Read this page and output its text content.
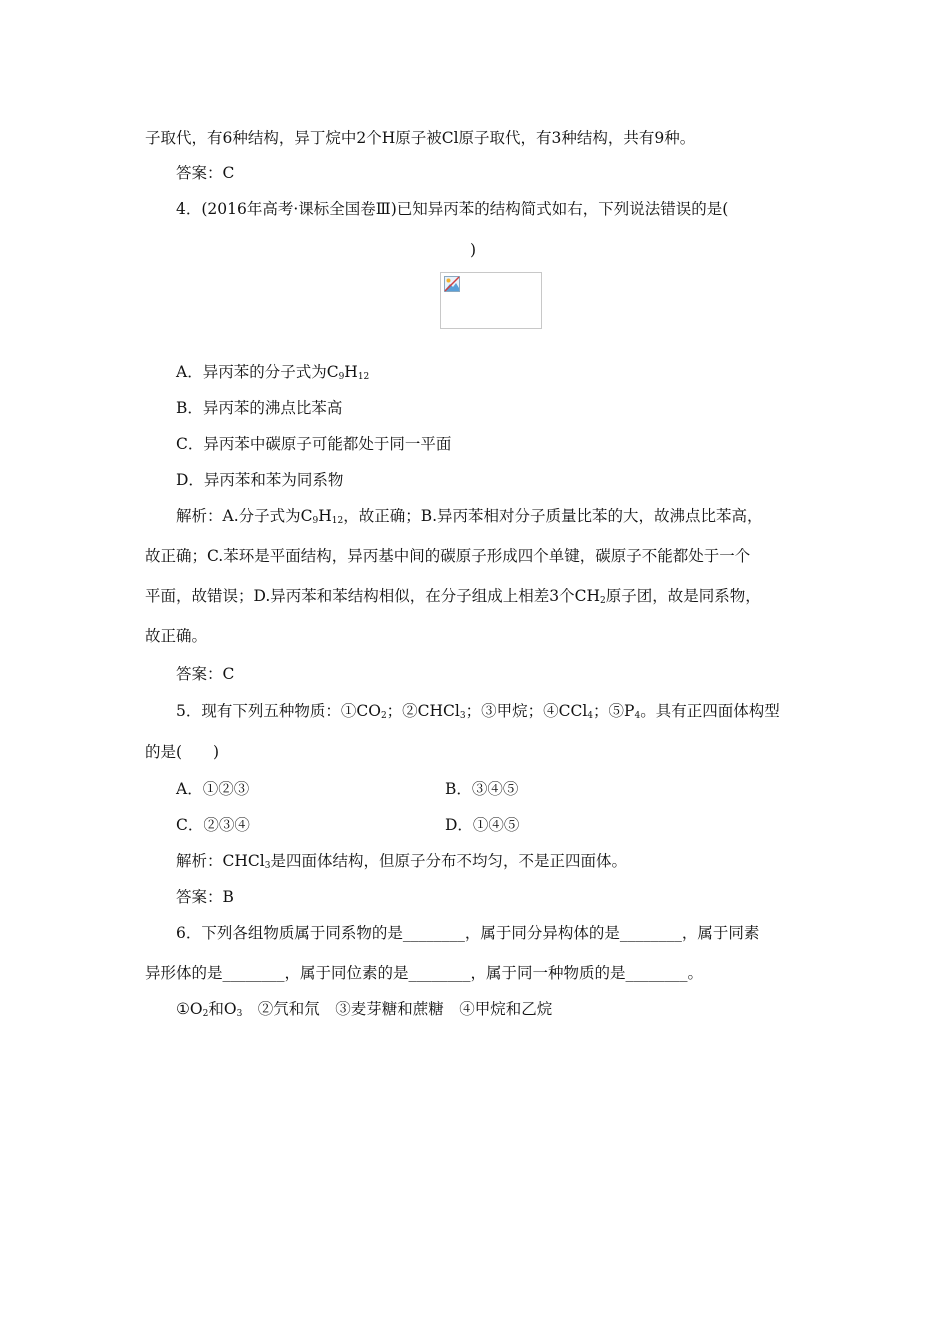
子取代，有6种结构，异丁烷中2个H原子被Cl原子取代，有3种结构，共有9种。
答案：C
4．(2016年高考·课标全国卷Ⅲ)已知异丙苯的结构简式如右，下列说法错误的是(
)
A．异丙苯的分子式为$C_9H_{12}$
B．异丙苯的沸点比苯高
C．异丙苯中碳原子可能都处于同一平面
D．异丙苯和苯为同系物
解析：A.分子式为$C_9H_{12}$，故正确；B.异丙苯相对分子质量比苯的大，故沸点比苯高，
故正确；C.苯环是平面结构，异丙基中间的碳原子形成四个单键，碳原子不能都处于一个
平面，故错误；D.异丙苯和苯结构相似，在分子组成上相差3个$CH_2$原子团，故是同系物，
故正确。
答案：C
5．现有下列五种物质：$①CO_2$；②CHCl$_3$；③甲烷；④CCl$_4$；$⑤P_4$。具有正四面体构型
的是(　　)
A．①②③	B．③④⑤
C．②③④	D．①④⑤
解析：CHCl$_3$是四面体结构，但原子分布不均匀，不是正四面体。
答案：B
6．下列各组物质属于同系物的是________，属于同分异构体的是________，属于同素
异形体的是________，属于同位素的是________，属于同一种物质的是________。
$①O_2$和$O_3$　②氕和氘　③麦芽糖和蔗糖　④甲烷和乙烷
